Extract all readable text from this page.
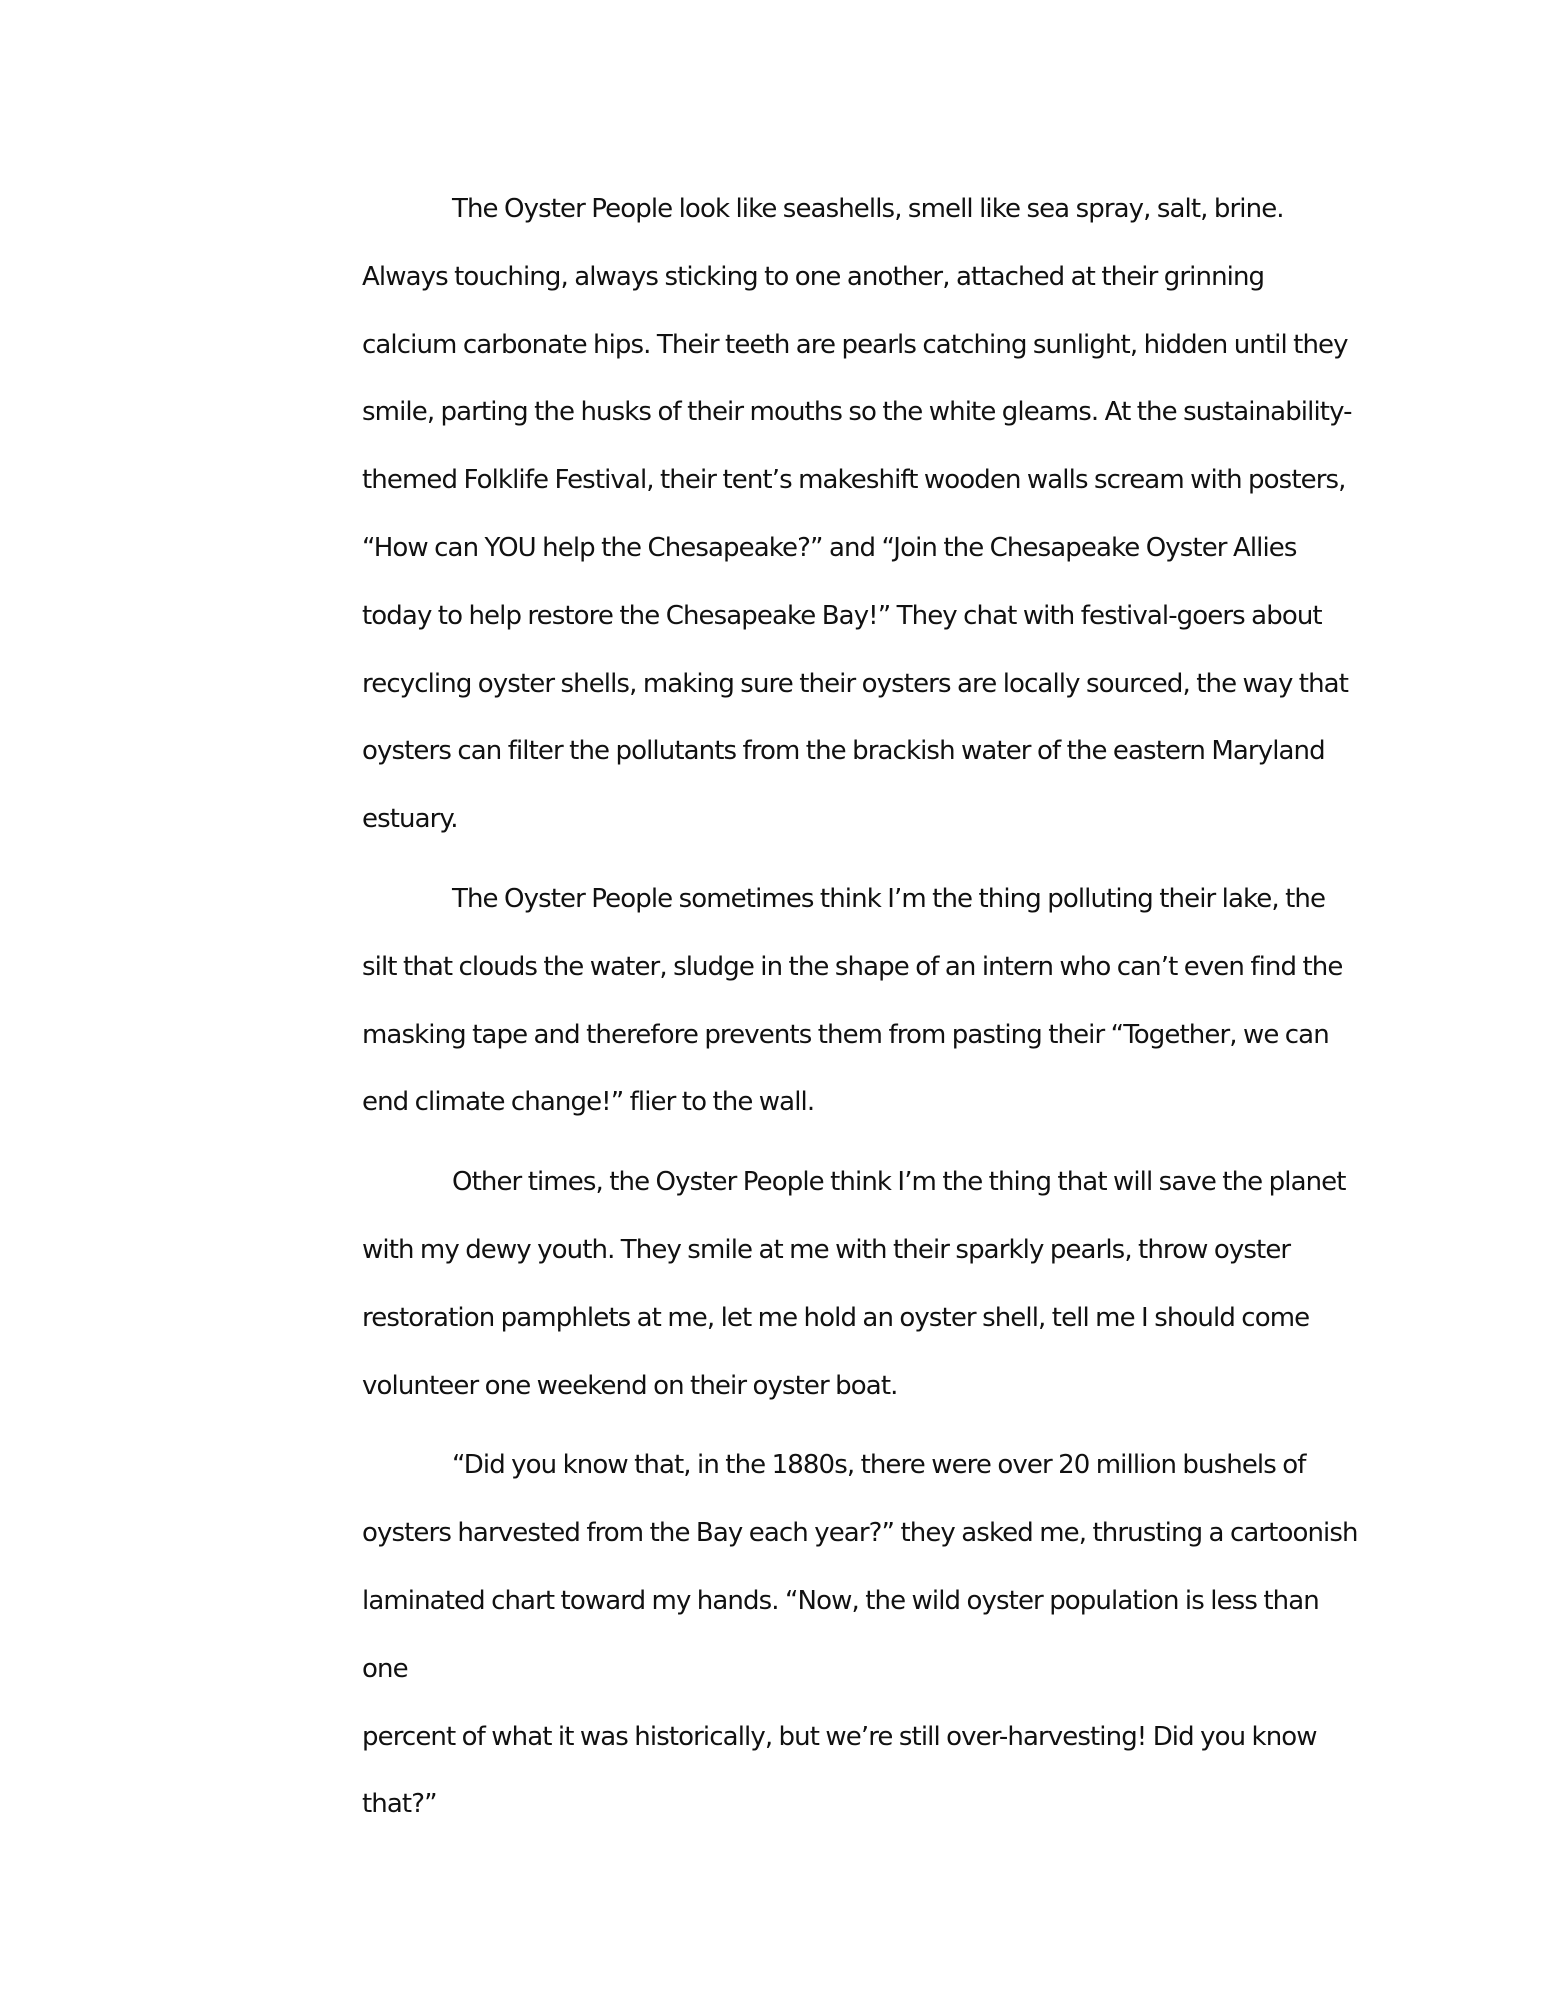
The Oyster People look like seashells, smell like sea spray, salt, brine.
Always touching, always sticking to one another, attached at their grinning
calcium carbonate hips. Their teeth are pearls catching sunlight, hidden until they
smile, parting the husks of their mouths so the white gleams. At the sustainability-
themed Folklife Festival, their tent’s makeshift wooden walls scream with posters,
“How can YOU help the Chesapeake?” and “Join the Chesapeake Oyster Allies
today to help restore the Chesapeake Bay!” They chat with festival-goers about
recycling oyster shells, making sure their oysters are locally sourced, the way that
oysters can filter the pollutants from the brackish water of the eastern Maryland
estuary.

The Oyster People sometimes think I’m the thing polluting their lake, the
silt that clouds the water, sludge in the shape of an intern who can’t even find the
masking tape and therefore prevents them from pasting their “Together, we can
end climate change!” flier to the wall.

Other times, the Oyster People think I’m the thing that will save the planet
with my dewy youth. They smile at me with their sparkly pearls, throw oyster
restoration pamphlets at me, let me hold an oyster shell, tell me I should come
volunteer one weekend on their oyster boat.

“Did you know that, in the 1880s, there were over 20 million bushels of
oysters harvested from the Bay each year?” they asked me, thrusting a cartoonish
laminated chart toward my hands. “Now, the wild oyster population is less than one
percent of what it was historically, but we’re still over-harvesting! Did you know
that?”
